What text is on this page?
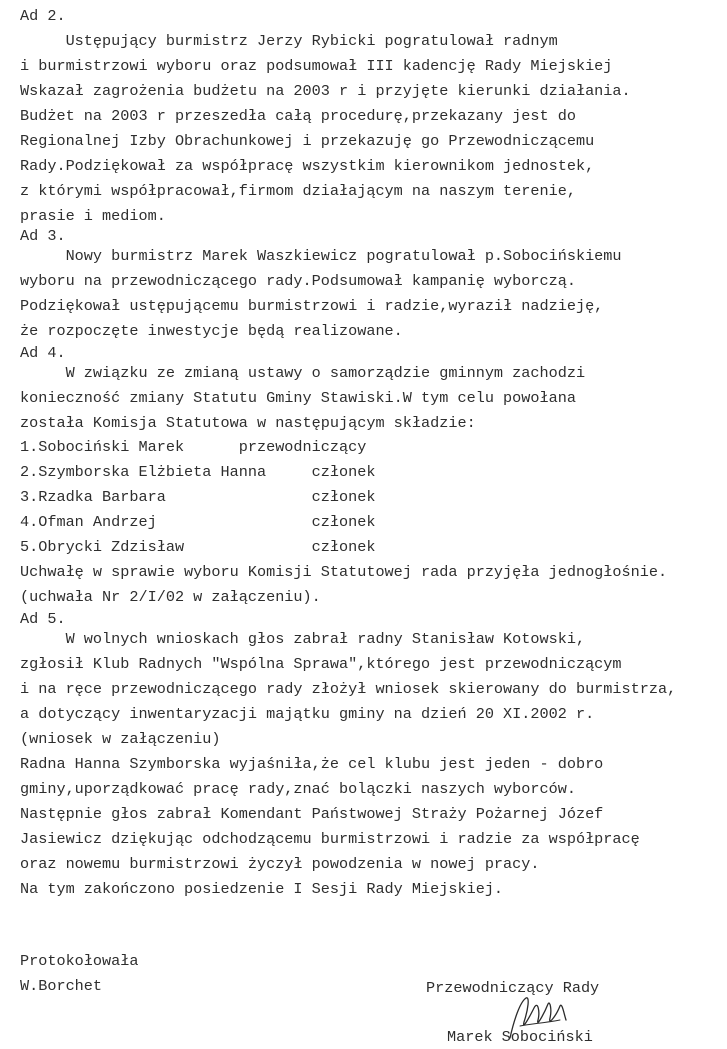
Ad 2.
Ustępujący burmistrz Jerzy Rybicki pogratulował radnym
i burmistrzowi wyboru oraz podsumował III kadencję Rady Miejskiej
Wskazał zagrożenia budżetu na 2003 r i przyjęte kierunki działania.
Budżet na 2003 r przeszedła całą procedurę,przekazany jest do
Regionalnej Izby Obrachunkowej i przekazuję go Przewodniczącemu
Rady.Podziękował za współpracę wszystkim kierownikom jednostek,
z którymi współpracował,firmom działającym na naszym terenie,
prasie i mediom.
Ad 3.
Nowy burmistrz Marek Waszkiewicz pogratulował p.Sobocińskiemu
wyboru na przewodniczącego rady.Podsumował kampanię wyborczą.
Podziękował ustępującemu burmistrzowi i radzie,wyraził nadzieję,
że rozpoczęte inwestycje będą realizowane.
Ad 4.
W związku ze zmianą ustawy o samorządzie gminnym zachodzi
konieczność zmiany Statutu Gminy Stawiski.W tym celu powołana
została Komisja Statutowa w następującym składzie:
1.Sobociński Marek      przewodniczący
2.Szymborska Elżbieta Hanna     członek
3.Rzadka Barbara                członek
4.Ofman Andrzej                 członek
5.Obrycki Zdzisław              członek
Uchwałę w sprawie wyboru Komisji Statutowej rada przyjęła jednogłośnie.
(uchwała Nr 2/I/02 w załączeniu).
Ad 5.
W wolnych wnioskach głos zabrał radny Stanisław Kotowski,
zgłosił Klub Radnych "Wspólna Sprawa",którego jest przewodniczącym
i na ręce przewodniczącego rady złożył wniosek skierowany do burmistrza,
a dotyczący inwentaryzacji majątku gminy na dzień 20 XI.2002 r.
(wniosek w załączeniu)
Radna Hanna Szymborska wyjaśniła,że cel klubu jest jeden - dobro
gminy,uporządkować pracę rady,znać bolączki naszych wyborców.
Następnie głos zabrał Komendant Państwowej Straży Pożarnej Józef
Jasiewicz dziękując odchodzącemu burmistrzowi i radzie za współpracę
oraz nowemu burmistrzowi życzył powodzenia w nowej pracy.
Na tym zakończono posiedzenie I Sesji Rady Miejskiej.
Protokołowała
W.Borchet	Przewodniczący Rady
Marek Sobociński
